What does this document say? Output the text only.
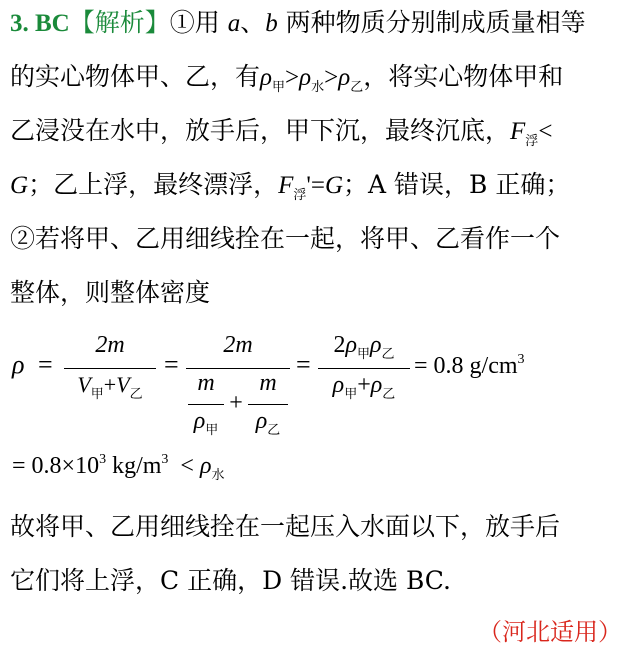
3. BC【解析】①用 a、b 两种物质分别制成质量相等
的实心物体甲、乙，有$\rho_甲>\rho_水>\rho_乙$，将实心物体甲和
乙浸没在水中，放手后，甲下沉，最终沉底，$F_浮<$
G；乙上浮，最终漂浮，$F_浮'=G$；A 错误，B 正确；
②若将甲、乙用细线拴在一起，将甲、乙看作一个
整体，则整体密度
ρ =
2m
$V_甲+V_乙$
=
2m
m
$\rho_甲$
+
m
$\rho_乙$
=
$2\rho_甲\rho_乙$
$\rho_甲+\rho_乙$
= 0.8 $g/cm^3$
= $0.8\times 10^3$ $kg/m^3 < \rho_水$
故将甲、乙用细线拴在一起压入水面以下，放手后
它们将上浮，C 正确，D 错误.故选 BC.
（河北适用）
